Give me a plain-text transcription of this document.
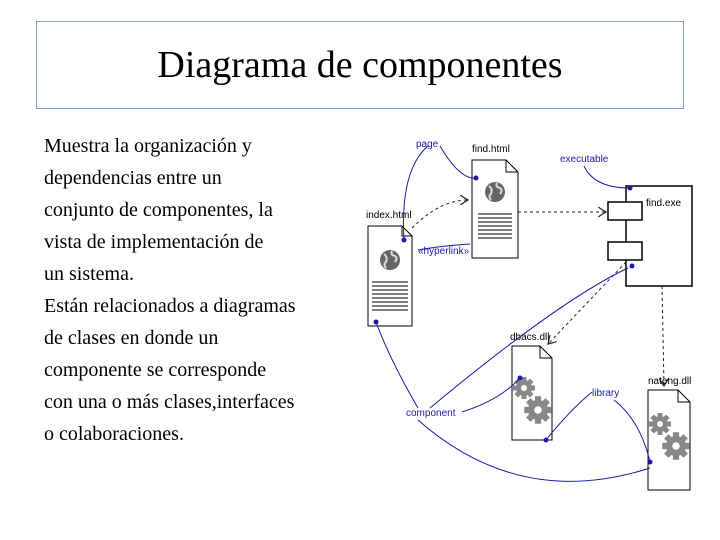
Diagrama de componentes
Muestra la organización y
dependencias entre un
conjunto de componentes, la
vista de implementación de
un sistema.
Están relacionados a diagramas
de clases en donde un
componente se corresponde
con una o más clases,interfaces
o colaboraciones.
page
executable
«hyperlink»
component
library
find.html
find.exe
index.html
dbacs.dll
nateng.dll
